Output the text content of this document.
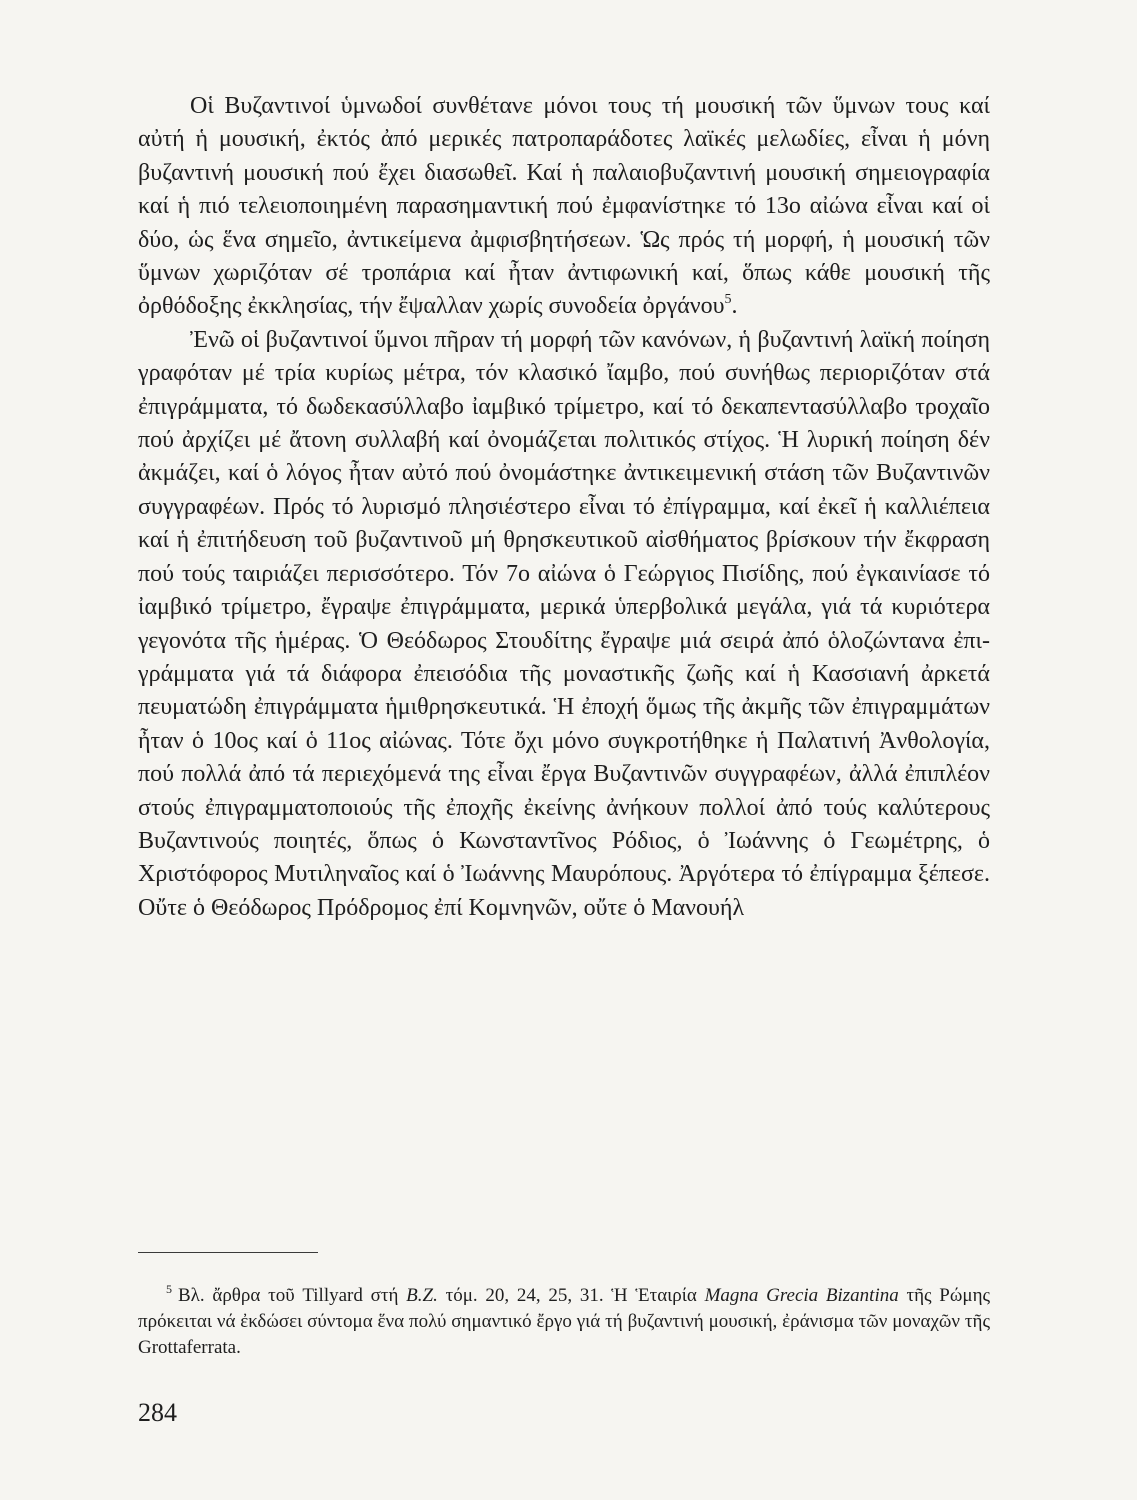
Οἱ Βυζαντινοί ὑμνωδοί συνθέτανε μόνοι τους τή μουσική τῶν ὕμνων τους καί αὐτή ἡ μουσική, ἐκτός ἀπό μερικές πατροπαράδοτες λαϊκές μελωδίες, εἶναι ἡ μόνη βυζαντινή μουσική πού ἔχει διασωθεῖ. Καί ἡ παλαιοβυζαντινή μουσική σημειογραφία καί ἡ πιό τελειοποιημένη παρασημαντική πού ἐμφανίστηκε τό 13ο αἰώνα εἶναι καί οἱ δύο, ὡς ἕνα σημεῖο, ἀντικείμενα ἀμφισβητήσεων. Ὡς πρός τή μορφή, ἡ μουσική τῶν ὕμνων χωριζόταν σέ τροπάρια καί ἦταν ἀντιφωνική καί, ὅπως κάθε μουσική τῆς ὀρθόδοξης ἐκκλησίας, τήν ἔψαλλαν χωρίς συνοδεία ὀργάνου$^5$.

Ἐνῶ οἱ βυζαντινοί ὕμνοι πῆραν τή μορφή τῶν κανόνων, ἡ βυζαντινή λαϊκή ποίηση γραφόταν μέ τρία κυρίως μέτρα, τόν κλασικό ἴαμβο, πού συνήθως περιοριζόταν στά ἐπιγράμματα, τό δωδεκασύλλαβο ἰαμβικό τρίμετρο, καί τό δεκαπεντασύλλαβο τροχαῖο πού ἀρχίζει μέ ἄτονη συλλαβή καί ὀνομάζεται πολιτικός στίχος. Ἡ λυρική ποίηση δέν ἀκμάζει, καί ὁ λόγος ἦταν αὐτό πού ὀνομάστηκε ἀντικειμενική στάση τῶν Βυζαντινῶν συγγραφέων. Πρός τό λυρισμό πλησιέστερο εἶναι τό ἐπίγραμμα, καί ἐκεῖ ἡ καλλιέπεια καί ἡ ἐπιτήδευση τοῦ βυζαντινοῦ μή θρησκευτικοῦ αἰσθήματος βρίσκουν τήν ἔκφραση πού τούς ταιριάζει περισσότερο. Τόν 7ο αἰώνα ὁ Γεώργιος Πισίδης, πού ἐγκαινίασε τό ἰαμβικό τρίμετρο, ἔγραψε ἐπιγράμματα, μερικά ὑπερβολικά μεγάλα, γιά τά κυριότερα γεγονότα τῆς ἡμέρας. Ὁ Θεόδωρος Στουδίτης ἔγραψε μιά σειρά ἀπό ὁλοζώντανα ἐπιγράμματα γιά τά διάφορα ἐπεισόδια τῆς μοναστικῆς ζωῆς καί ἡ Κασσιανή ἀρκετά πευματώδη ἐπιγράμματα ἡμιθρησκευτικά. Ἡ ἐποχή ὅμως τῆς ἀκμῆς τῶν ἐπιγραμμάτων ἦταν ὁ 10ος καί ὁ 11ος αἰώνας. Τότε ὄχι μόνο συγκροτήθηκε ἡ Παλατινή Ἀνθολογία, πού πολλά ἀπό τά περιεχόμενά της εἶναι ἔργα Βυζαντινῶν συγγραφέων, ἀλλά ἐπιπλέον στούς ἐπιγραμματοποιούς τῆς ἐποχῆς ἐκείνης ἀνήκουν πολλοί ἀπό τούς καλύτερους Βυζαντινούς ποιητές, ὅπως ὁ Κωνσταντῖνος Ρόδιος, ὁ Ἰωάννης ὁ Γεωμέτρης, ὁ Χριστόφορος Μυτιληναῖος καί ὁ Ἰωάννης Μαυρόπους. Ἀργότερα τό ἐπίγραμμα ξέπεσε. Οὔτε ὁ Θεόδωρος Πρόδρομος ἐπί Κομνηνῶν, οὔτε ὁ Μανουήλ

$^5$ Βλ. ἄρθρα τοῦ Tillyard στή B.Z. τόμ. 20, 24, 25, 31. Ἡ Ἑταιρία Magna Grecia Bizantina τῆς Ρώμης πρόκειται νά ἐκδώσει σύντομα ἕνα πολύ σημαντικό ἔργο γιά τή βυζαντινή μουσική, ἐράνισμα τῶν μοναχῶν τῆς Grottaferrata.

284
